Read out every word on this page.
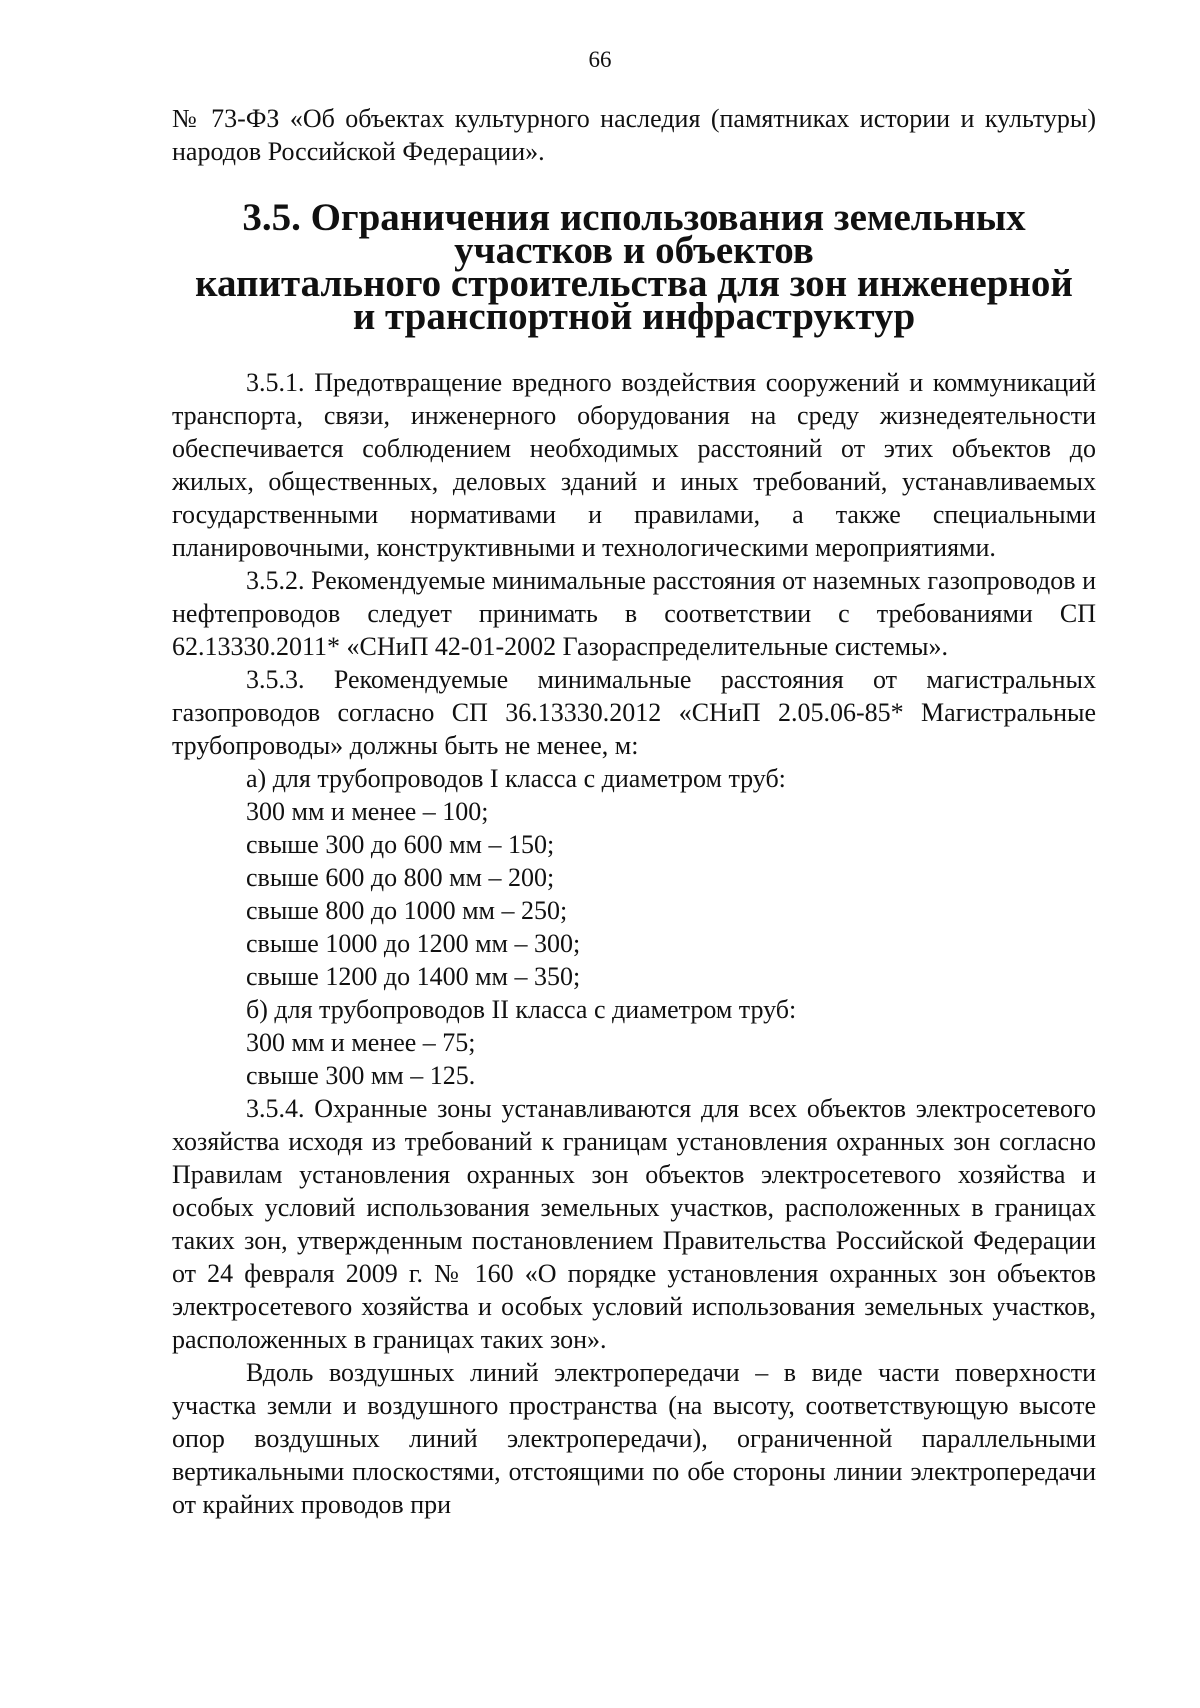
66

№ 73-ФЗ «Об объектах культурного наследия (памятниках истории и культуры) народов Российской Федерации».

3.5. Ограничения использования земельных участков и объектов
капитального строительства для зон инженерной
и транспортной инфраструктур

3.5.1. Предотвращение вредного воздействия сооружений и коммуникаций транспорта, связи, инженерного оборудования на среду жизнедеятельности обеспечивается соблюдением необходимых расстояний от этих объектов до жилых, общественных, деловых зданий и иных требований, устанавливаемых государственными нормативами и правилами, а также специальными планировочными, конструктивными и технологическими мероприятиями.

3.5.2. Рекомендуемые минимальные расстояния от наземных газопроводов и нефтепроводов следует принимать в соответствии с требованиями СП 62.13330.2011* «СНиП 42-01-2002 Газораспределительные системы».

3.5.3. Рекомендуемые минимальные расстояния от магистральных газопроводов согласно СП 36.13330.2012 «СНиП 2.05.06-85* Магистральные трубопроводы» должны быть не менее, м:

а) для трубопроводов I класса с диаметром труб:
300 мм и менее – 100;
свыше 300 до 600 мм – 150;
свыше 600 до 800 мм – 200;
свыше 800 до 1000 мм – 250;
свыше 1000 до 1200 мм – 300;
свыше 1200 до 1400 мм – 350;
б) для трубопроводов II класса с диаметром труб:
300 мм и менее – 75;
свыше 300 мм – 125.

3.5.4. Охранные зоны устанавливаются для всех объектов электросетевого хозяйства исходя из требований к границам установления охранных зон согласно Правилам установления охранных зон объектов электросетевого хозяйства и особых условий использования земельных участков, расположенных в границах таких зон, утвержденным постановлением Правительства Российской Федерации от 24 февраля 2009 г. № 160 «О порядке установления охранных зон объектов электросетевого хозяйства и особых условий использования земельных участков, расположенных в границах таких зон».

Вдоль воздушных линий электропередачи – в виде части поверхности участка земли и воздушного пространства (на высоту, соответствующую высоте опор воздушных линий электропередачи), ограниченной параллельными вертикальными плоскостями, отстоящими по обе стороны линии электропередачи от крайних проводов при
